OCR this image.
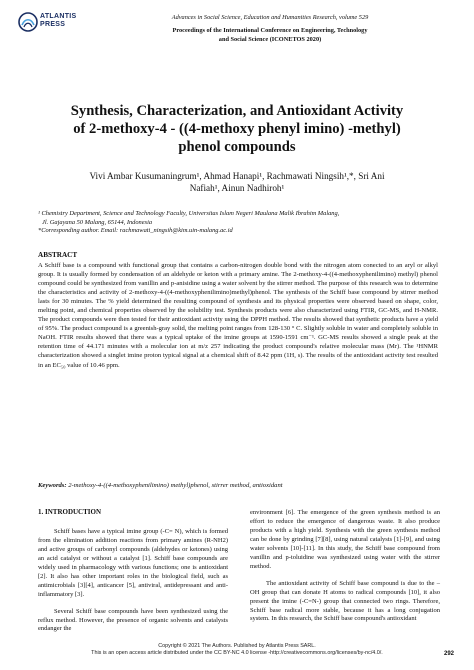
ATLANTIS
PRESS
Advances in Social Science, Education and Humanities Research, volume 529
Proceedings of the International Conference on Engineering, Technology
and Social Science (ICONETOS 2020)
Synthesis, Characterization, and Antioxidant Activity
of 2-methoxy-4 - ((4-methoxy phenyl imino) -methyl)
phenol compounds
Vivi Ambar Kusumaningrum¹, Ahmad Hanapi¹, Rachmawati Ningsih¹,*, Sri Ani
Nafiah¹, Ainun Nadhiroh¹
¹ Chemistry Department, Science and Technology Faculty, Universitas Islam Negeri Maulana Malik Ibrahim Malang,
Jl. Gajayana 50 Malang, 65144, Indonesia
*Corresponding author. Email: rachmawati_ningsih@kim.uin-malang.ac.id
ABSTRACT
A Schiff base is a compound with functional group that contains a carbon-nitrogen double bond with the nitrogen atom conected to an aryl or alkyl group. It is usually formed by condensation of an aldehyde or keton with a primary amine. The 2-methoxy-4-((4-methoxyphenilimino) methyl) phenol compound could be synthesized from vanillin and p-anisidine using a water solvent by the stirrer method. The purpose of this research was to determine the characteristics and activity of 2-methoxy-4-((4-methoxyphenilimino)methyl)phenol. The synthesis of the Schiff base compound by stirrer method lasts for 30 minutes. The % yield determined the resulting compound of synthesis and its physical properties were observed based on shape, color, melting point, and chemical properties observed by the solubility test. Synthesis products were also characterized using FTIR, GC-MS, and H-NMR. The product compounds were then tested for their antioxidant activity using the DPPH method. The results showed that synthetic products have a yield of 95%. The product compound is a greenish-gray solid, the melting point ranges from 128-130 ° C. Slightly soluble in water and completely soluble in NaOH. FTIR results showed that there was a typical uptake of the imine groups at 1590-1591 cm⁻¹. GC-MS results showed a single peak at the retention time of 44.171 minutes with a molecular ion at m/z 257 indicating the product compound's relative molecular mass (Mr). The ¹HNMR characterization showed a singlet imine proton typical signal at a chemical shift of 8.42 ppm (1H, s). The results of the antioxidant activity test resulted in an EC₅₀ value of 10.46 ppm.
Keywords: 2-methoxy-4-((4-methoxyphenilimino) methyl)phenol, stirrer method, antioxidant
1. INTRODUCTION

Schiff bases have a typical imine group (-C= N), which is formed from the elimination addition reactions from primary amines (R-NH2) and active groups of carbonyl compounds (aldehydes or ketones) using an acid catalyst or without a catalyst [1]. Schiff base compounds are widely used in pharmacology with various functions; one is antioxidant [2]. It also has other important roles in the biological field, such as antimicrobials [3][4], anticancer [5], antiviral, antidepressant and anti-inflammatory [3].

Several Schiff base compounds have been synthesized using the reflux method. However, the presence of organic solvents and catalysts endanger the

environment [6]. The emergence of the green synthesis method is an effort to reduce the emergence of dangerous waste. It also produce products with a high yield. Synthesis with the green synthesis method can be done by grinding [7][8], using natural catalysts [1]-[9], and using water solvents [10]-[11]. In this study, the Schiff base compound from vanillin and p-toluidine was synthesized using water with the stirrer method.

The antioxidant activity of Schiff base compound is due to the –OH group that can donate H atoms to radical compounds [10], it also present the imine (-C=N-) group that connected two rings. Therefore, Schiff base radical more stable, because it has a long conjugation system. In this research, the Schiff base compound's antioxidant

Copyright © 2021 The Authors. Published by Atlantis Press SARL.
This is an open access article distributed under the CC BY-NC 4.0 license -http://creativecommons.org/licenses/by-nc/4.0/.	292
